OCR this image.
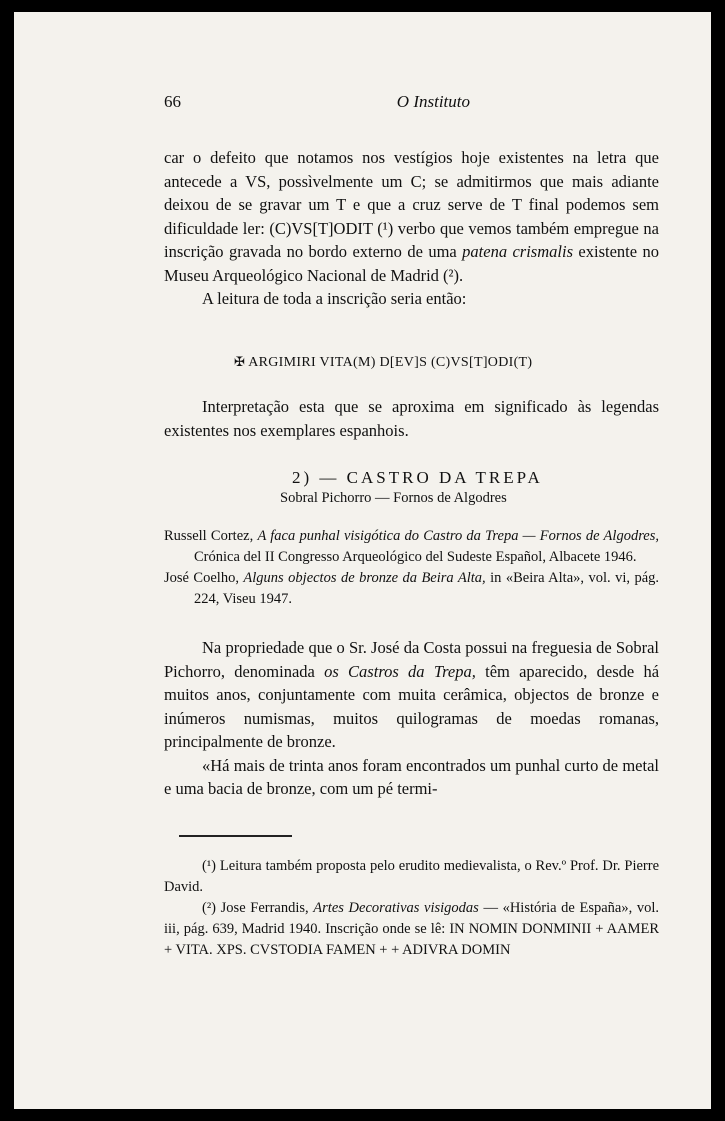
66	O Instituto

car o defeito que notamos nos vestígios hoje existentes na letra que antecede a VS, possìvelmente um C; se admitirmos que mais adiante deixou de se gravar um T e que a cruz serve de T final podemos sem dificuldade ler: (C)VS[T]ODIT (¹) verbo que vemos também empregue na inscrição gravada no bordo externo de uma patena crismalis existente no Museu Arqueológico Nacional de Madrid (²).

A leitura de toda a inscrição seria então:

✠ ARGIMIRI VITA(M) D[EV]S (C)VS[T]ODI(T)

Interpretação esta que se aproxima em significado às legendas existentes nos exemplares espanhois.

2) — CASTRO DA TREPA
Sobral Pichorro — Fornos de Algodres

Russell Cortez, A faca punhal visigótica do Castro da Trepa — Fornos de Algodres, Crónica del II Congresso Arqueológico del Sudeste Español, Albacete 1946.

José Coelho, Alguns objectos de bronze da Beira Alta, in «Beira Alta», vol. vi, pág. 224, Viseu 1947.

Na propriedade que o Sr. José da Costa possui na freguesia de Sobral Pichorro, denominada os Castros da Trepa, têm aparecido, desde há muitos anos, conjuntamente com muita cerâmica, objectos de bronze e inúmeros numismas, muitos quilogramas de moedas romanas, principalmente de bronze.

«Há mais de trinta anos foram encontrados um punhal curto de metal e uma bacia de bronze, com um pé termi-

(¹) Leitura também proposta pelo erudito medievalista, o Rev.º Prof. Dr. Pierre David.

(²) Jose Ferrandis, Artes Decorativas visigodas — «História de España», vol. iii, pág. 639, Madrid 1940. Inscrição onde se lê: IN NOMIN DONMINII + AAMER + VITA. XPS. CVSTODIA FAMEN + + ADIVRA DOMIN
